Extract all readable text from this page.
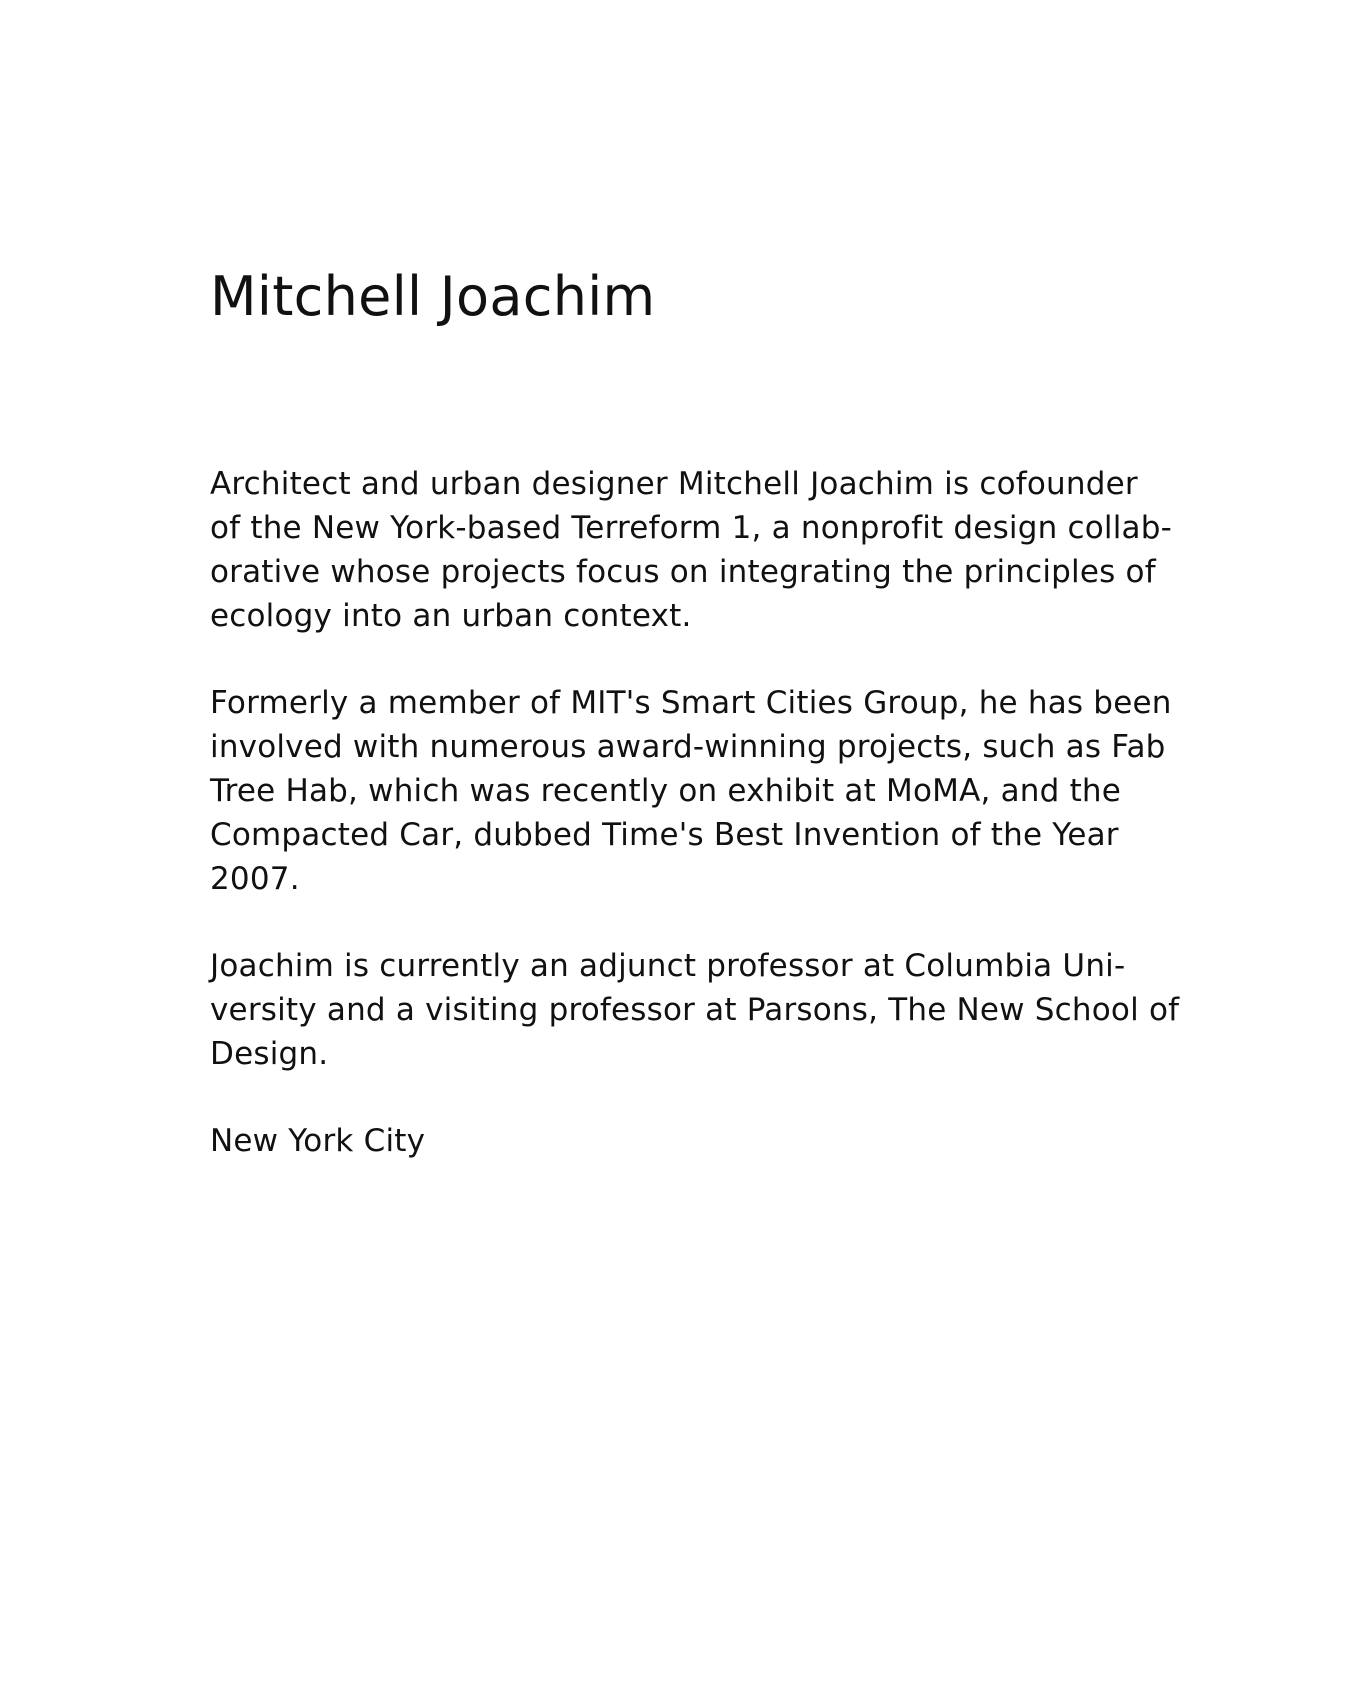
Mitchell Joachim

Architect and urban designer Mitchell Joachim is cofounder
of the New York-based Terreform 1, a nonprofit design collab-
orative whose projects focus on integrating the principles of
ecology into an urban context.

Formerly a member of MIT's Smart Cities Group, he has been
involved with numerous award-winning projects, such as Fab
Tree Hab, which was recently on exhibit at MoMA, and the
Compacted Car, dubbed Time's Best Invention of the Year
2007.

Joachim is currently an adjunct professor at Columbia Uni-
versity and a visiting professor at Parsons, The New School of
Design.

New York City
